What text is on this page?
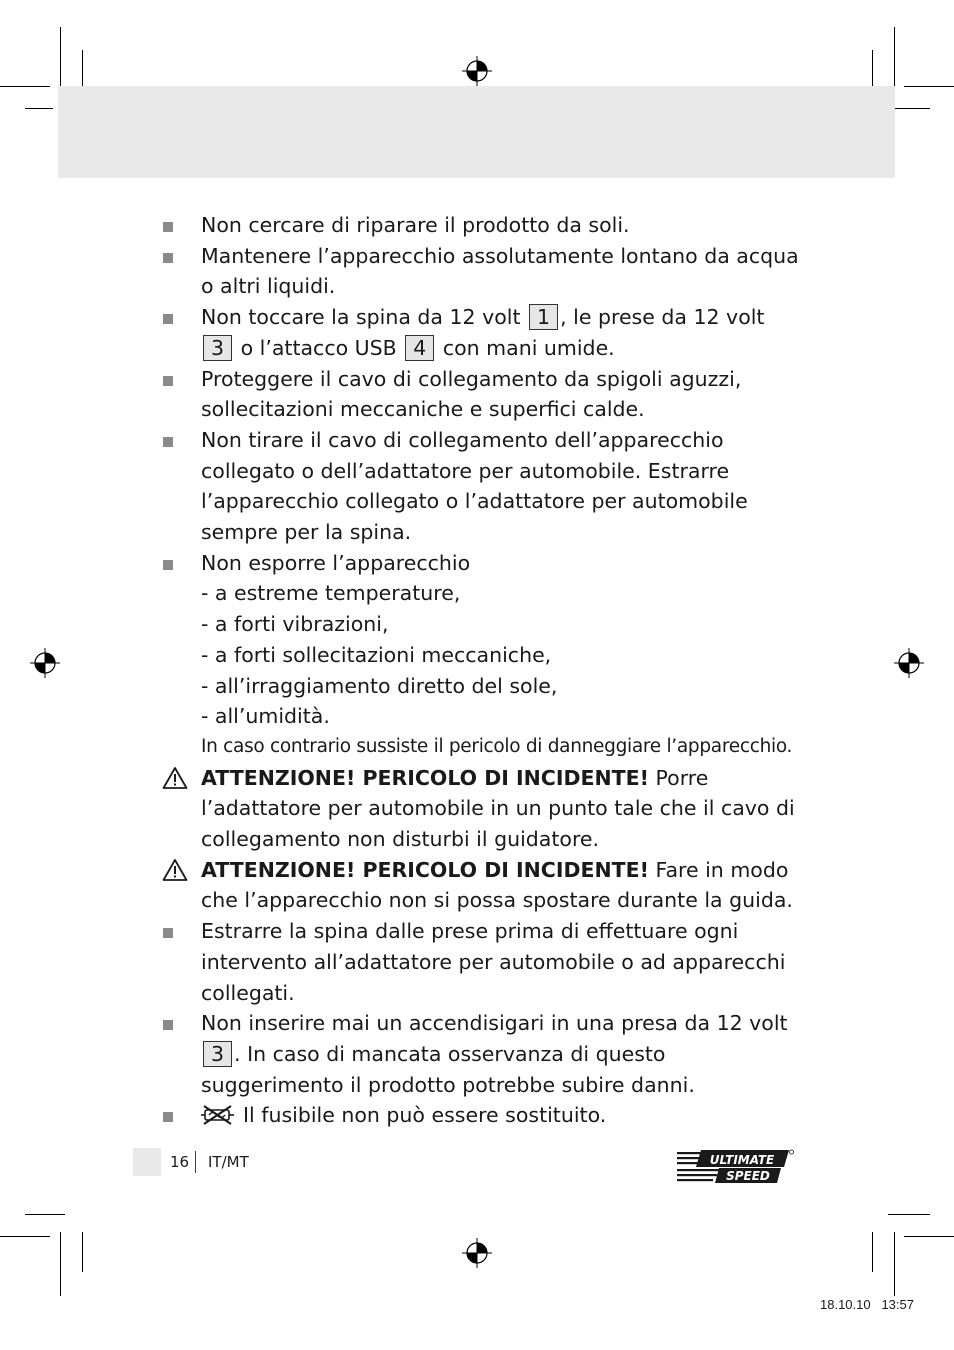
Non cercare di riparare il prodotto da soli.
Mantenere l’apparecchio assolutamente lontano da acqua o altri liquidi.
Non toccare la spina da 12 volt 1 , le prese da 12 volt 3 o l’attacco USB 4 con mani umide.
Proteggere il cavo di collegamento da spigoli aguzzi, sollecitazioni meccaniche e superfici calde.
Non tirare il cavo di collegamento dell’apparecchio collegato o dell’adattatore per automobile. Estrarre l’apparecchio collegato o l’adattatore per automobile sempre per la spina.
Non esporre l’apparecchio
- a estreme temperature,
- a forti vibrazioni,
- a forti sollecitazioni meccaniche,
- all’irraggiamento diretto del sole,
- all’umidità.
In caso contrario sussiste il pericolo di danneggiare l’apparecchio.
ATTENZIONE! PERICOLO DI INCIDENTE! Porre l’adattatore per automobile in un punto tale che il cavo di collegamento non disturbi il guidatore.
ATTENZIONE! PERICOLO DI INCIDENTE! Fare in modo che l’apparecchio non si possa spostare durante la guida.
Estrarre la spina dalle prese prima di effettuare ogni intervento all’adattatore per automobile o ad apparecchi collegati.
Non inserire mai un accendisigari in una presa da 12 volt 3 . In caso di mancata osservanza di questo suggerimento il prodotto potrebbe subire danni.
Il fusibile non può essere sostituito.
16 IT/MT	ULTIMATE
SPEED
18.10.10   13:57
